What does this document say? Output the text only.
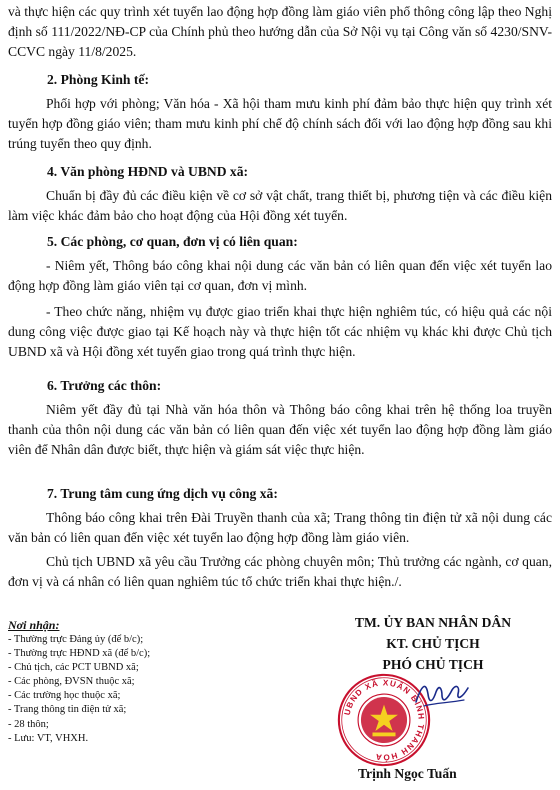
và thực hiện các quy trình xét tuyển lao động hợp đồng làm giáo viên phổ thông công lập theo Nghị định số 111/2022/NĐ-CP của Chính phủ theo hướng dẫn của Sở Nội vụ tại Công văn số 4230/SNV-CCVC ngày 11/8/2025.

2. Phòng Kinh tế:

Phối hợp với phòng; Văn hóa - Xã hội tham mưu kinh phí đảm bảo thực hiện quy trình xét tuyển hợp đồng giáo viên; tham mưu kinh phí chế độ chính sách đối với lao động hợp đồng sau khi trúng tuyển theo quy định.

4. Văn phòng HĐND và UBND xã:

Chuẩn bị đầy đủ các điều kiện về cơ sở vật chất, trang thiết bị, phương tiện và các điều kiện làm việc khác đảm bảo cho hoạt động của Hội đồng xét tuyển.

5. Các phòng, cơ quan, đơn vị có liên quan:

- Niêm yết, Thông báo công khai nội dung các văn bản có liên quan đến việc xét tuyển lao động hợp đồng làm giáo viên tại cơ quan, đơn vị mình.

- Theo chức năng, nhiệm vụ được giao triển khai thực hiện nghiêm túc, có hiệu quả các nội dung công việc được giao tại Kế hoạch này và thực hiện tốt các nhiệm vụ khác khi được Chủ tịch UBND xã và Hội đồng xét tuyển giao trong quá trình thực hiện.

6. Trưởng các thôn:

Niêm yết đầy đủ tại Nhà văn hóa thôn và Thông báo công khai trên hệ thống loa truyền thanh của thôn nội dung các văn bản có liên quan đến việc xét tuyển lao động hợp đồng làm giáo viên để Nhân dân được biết, thực hiện và giám sát việc thực hiện.

7. Trung tâm cung ứng dịch vụ công xã:

Thông báo công khai trên Đài Truyền thanh của xã; Trang thông tin điện tử xã nội dung các văn bản có liên quan đến việc xét tuyển lao động hợp đồng làm giáo viên.

Chủ tịch UBND xã yêu cầu Trưởng các phòng chuyên môn; Thủ trưởng các ngành, cơ quan, đơn vị và cá nhân có liên quan nghiêm túc tổ chức triển khai thực hiện./.

Nơi nhận:

- Thường trực Đảng ủy (để b/c);
- Thường trực HĐND xã (để b/c);
- Chủ tịch, các PCT UBND xã;
- Các phòng, ĐVSN thuộc xã;
- Các trường học thuộc xã;
- Trang thông tin điện tử xã;
- 28 thôn;
- Lưu: VT, VHXH.

TM. ỦY BAN NHÂN DÂN

KT. CHỦ TỊCH

PHÓ CHỦ TỊCH

UBND XÃ XUÂN BÌNH THANH HÓA

Trịnh Ngọc Tuấn
